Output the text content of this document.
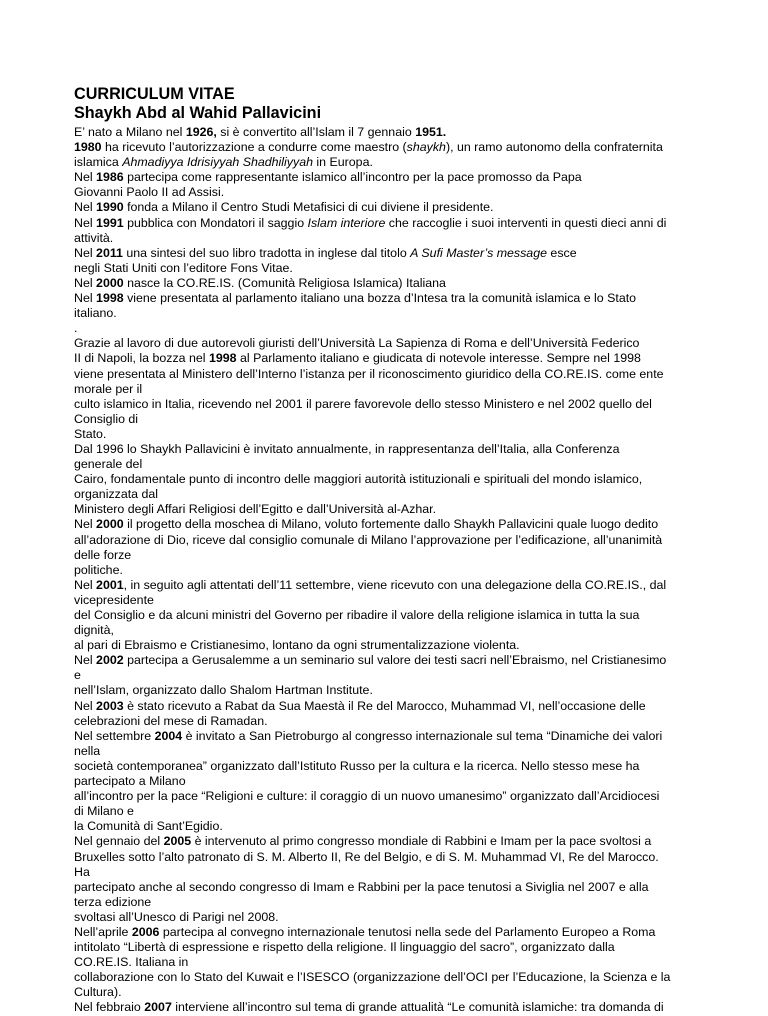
CURRICULUM VITAE
Shaykh Abd al Wahid Pallavicini
E’ nato a Milano nel 1926, si è convertito all’Islam il 7 gennaio 1951.
1980 ha ricevuto l’autorizzazione a condurre come maestro (shaykh), un ramo autonomo della confraternita
islamica Ahmadiyya Idrisiyyah Shadhiliyyah in Europa.
Nel 1986 partecipa come rappresentante islamico all’incontro per la pace promosso da Papa
Giovanni Paolo II ad Assisi.
Nel 1990 fonda a Milano il Centro Studi Metafisici di cui diviene il presidente.
Nel 1991 pubblica con Mondatori il saggio Islam interiore che raccoglie i suoi interventi in questi dieci anni di
attività.
Nel 2011 una sintesi del suo libro tradotta in inglese dal titolo A Sufi Master’s message esce
negli Stati Uniti con l’editore Fons Vitae.
Nel 2000 nasce la CO.RE.IS. (Comunità Religiosa Islamica) Italiana
Nel 1998 viene presentata al parlamento italiano una bozza d’Intesa tra la comunità islamica e lo Stato
italiano.
.
Grazie al lavoro di due autorevoli giuristi dell’Università La Sapienza di Roma e dell’Università Federico
II di Napoli, la bozza nel 1998 al Parlamento italiano e giudicata di notevole interesse. Sempre nel 1998
viene presentata al Ministero dell’Interno l’istanza per il riconoscimento giuridico della CO.RE.IS. come ente
morale per il
culto islamico in Italia, ricevendo nel 2001 il parere favorevole dello stesso Ministero e nel 2002 quello del
Consiglio di
Stato.
Dal 1996 lo Shaykh Pallavicini è invitato annualmente, in rappresentanza dell’Italia, alla Conferenza
generale del
Cairo, fondamentale punto di incontro delle maggiori autorità istituzionali e spirituali del mondo islamico,
organizzata dal
Ministero degli Affari Religiosi dell’Egitto e dall’Università al-Azhar.
Nel 2000 il progetto della moschea di Milano, voluto fortemente dallo Shaykh Pallavicini quale luogo dedito
all’adorazione di Dio, riceve dal consiglio comunale di Milano l’approvazione per l’edificazione, all’unanimità
delle forze
politiche.
Nel 2001, in seguito agli attentati dell’11 settembre, viene ricevuto con una delegazione della CO.RE.IS., dal
vicepresidente
del Consiglio e da alcuni ministri del Governo per ribadire il valore della religione islamica in tutta la sua
dignità,
al pari di Ebraismo e Cristianesimo, lontano da ogni strumentalizzazione violenta.
Nel 2002 partecipa a Gerusalemme a un seminario sul valore dei testi sacri nell’Ebraismo, nel Cristianesimo
e
nell’Islam, organizzato dallo Shalom Hartman Institute.
Nel 2003 è stato ricevuto a Rabat da Sua Maestà il Re del Marocco, Muhammad VI, nell’occasione delle
celebrazioni del mese di Ramadan.
Nel settembre 2004 è invitato a San Pietroburgo al congresso internazionale sul tema “Dinamiche dei valori
nella
società contemporanea” organizzato dall’Istituto Russo per la cultura e la ricerca. Nello stesso mese ha
partecipato a Milano
all’incontro per la pace “Religioni e culture: il coraggio di un nuovo umanesimo” organizzato dall’Arcidiocesi
di Milano e
la Comunità di Sant’Egidio.
Nel gennaio del 2005 è intervenuto al primo congresso mondiale di Rabbini e Imam per la pace svoltosi a
Bruxelles sotto l’alto patronato di S. M. Alberto II, Re del Belgio, e di S. M. Muhammad VI, Re del Marocco.
Ha
partecipato anche al secondo congresso di Imam e Rabbini per la pace tenutosi a Siviglia nel 2007 e alla
terza edizione
svoltasi all’Unesco di Parigi nel 2008.
Nell’aprile 2006 partecipa al convegno internazionale tenutosi nella sede del Parlamento Europeo a Roma
intitolato “Libertà di espressione e rispetto della religione. Il linguaggio del sacro”, organizzato dalla
CO.RE.IS. Italiana in
collaborazione con lo Stato del Kuwait e l’ISESCO (organizzazione dell’OCI per l’Educazione, la Scienza e la
Cultura).
Nel febbraio 2007 interviene all’incontro sul tema di grande attualità “Le comunità islamiche: tra domanda di
